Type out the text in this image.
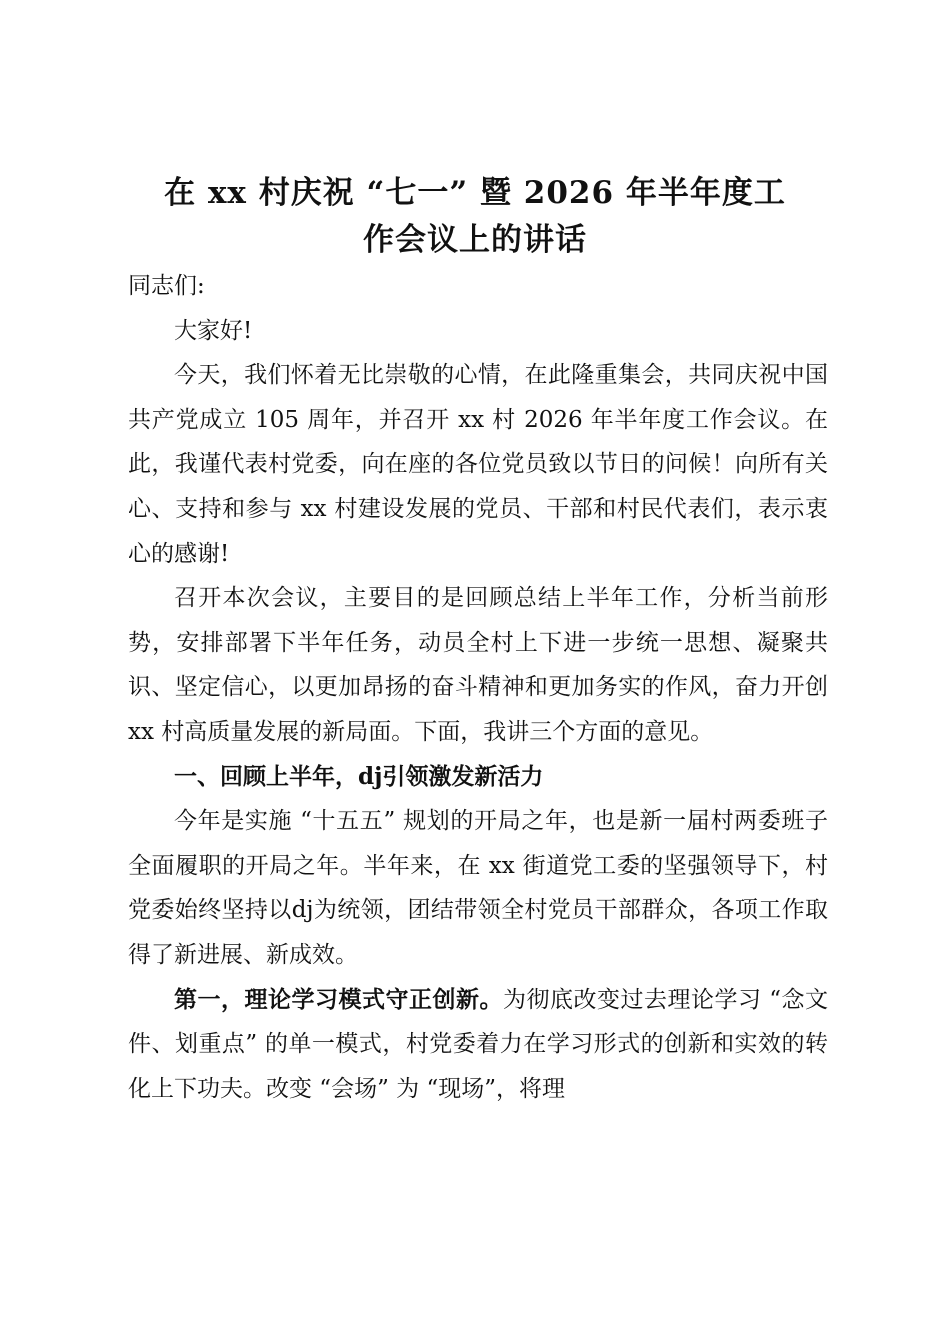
在 xx 村庆祝 “七一” 暨 2026 年半年度工
作会议上的讲话

同志们:

大家好!

今天，我们怀着无比崇敬的心情，在此隆重集会，共同庆祝中国共产党成立 105 周年，并召开 xx 村 2026 年半年度工作会议。在此，我谨代表村党委，向在座的各位党员致以节日的问候！向所有关心、支持和参与 xx 村建设发展的党员、干部和村民代表们，表示衷心的感谢!

召开本次会议，主要目的是回顾总结上半年工作，分析当前形势，安排部署下半年任务，动员全村上下进一步统一思想、凝聚共识、坚定信心，以更加昂扬的奋斗精神和更加务实的作风，奋力开创 xx 村高质量发展的新局面。下面，我讲三个方面的意见。

一、回顾上半年，dj引领激发新活力

今年是实施 “十五五” 规划的开局之年，也是新一届村两委班子全面履职的开局之年。半年来，在 xx 街道党工委的坚强领导下，村党委始终坚持以dj为统领，团结带领全村党员干部群众，各项工作取得了新进展、新成效。

第一，理论学习模式守正创新。为彻底改变过去理论学习 “念文件、划重点” 的单一模式，村党委着力在学习形式的创新和实效的转化上下功夫。改变 “会场” 为 “现场”，将理
